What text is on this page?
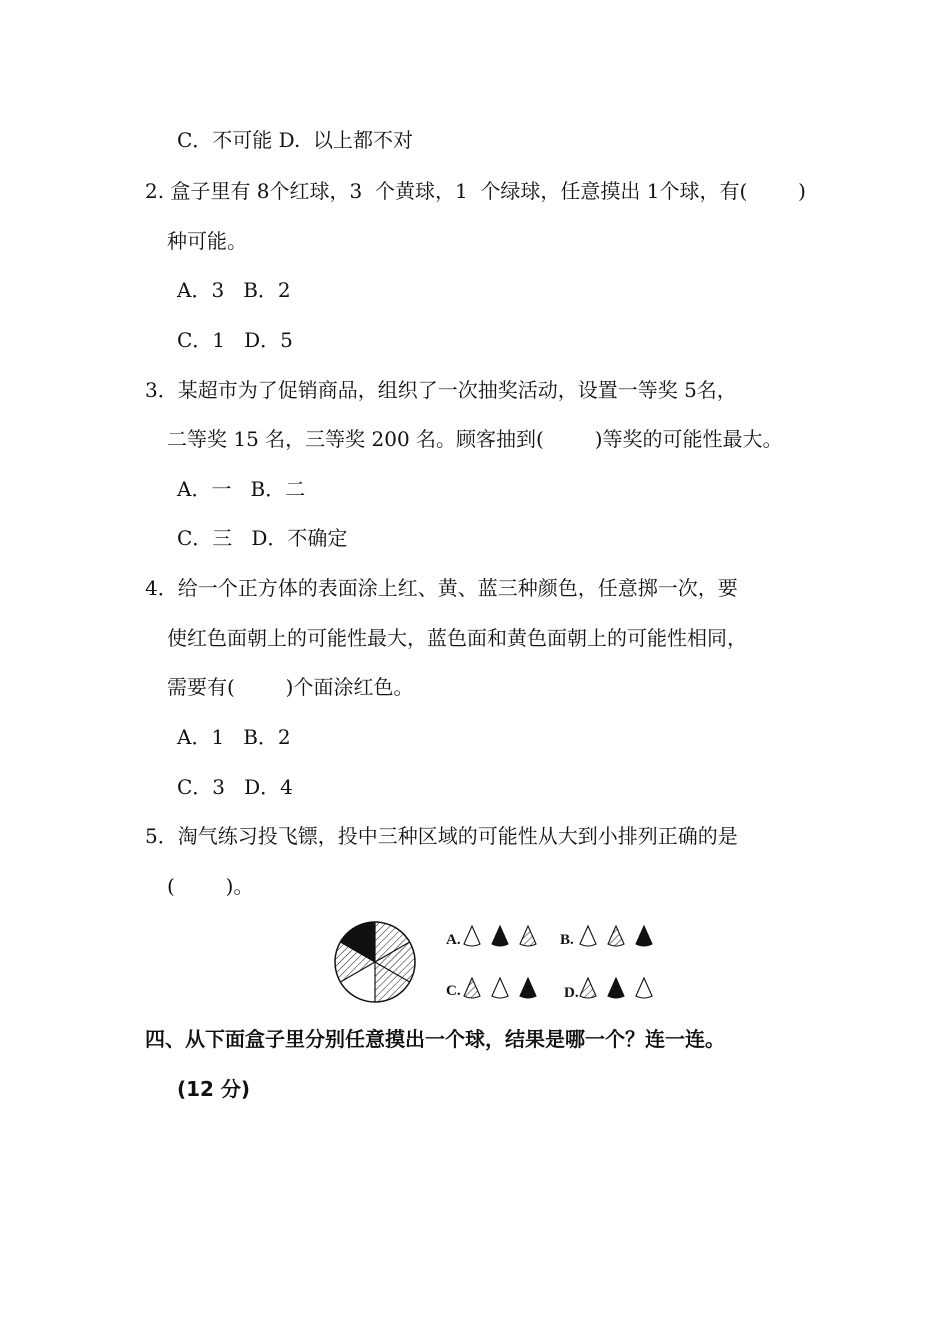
C．不可能 D.  以上都不对
2. 盒子里有 8个红球，3  个黄球，1  个绿球，任意摸出 1个球，有(        )
种可能。
A．3   B．2
C．1   D．5
3．某超市为了促销商品，组织了一次抽奖活动，设置一等奖 5名，
二等奖 15 名，三等奖 200 名。顾客抽到(        )等奖的可能性最大。
A．一   B．二
C．三   D．不确定
4．给一个正方体的表面涂上红、黄、蓝三种颜色，任意掷一次，要
使红色面朝上的可能性最大，蓝色面和黄色面朝上的可能性相同，
需要有(        )个面涂红色。
A．1   B．2
C．3   D．4
5．淘气练习投飞镖，投中三种区域的可能性从大到小排列正确的是
(        )。
A.	B.
C.	D.
四、从下面盒子里分别任意摸出一个球，结果是哪一个？连一连。
(12 分)
